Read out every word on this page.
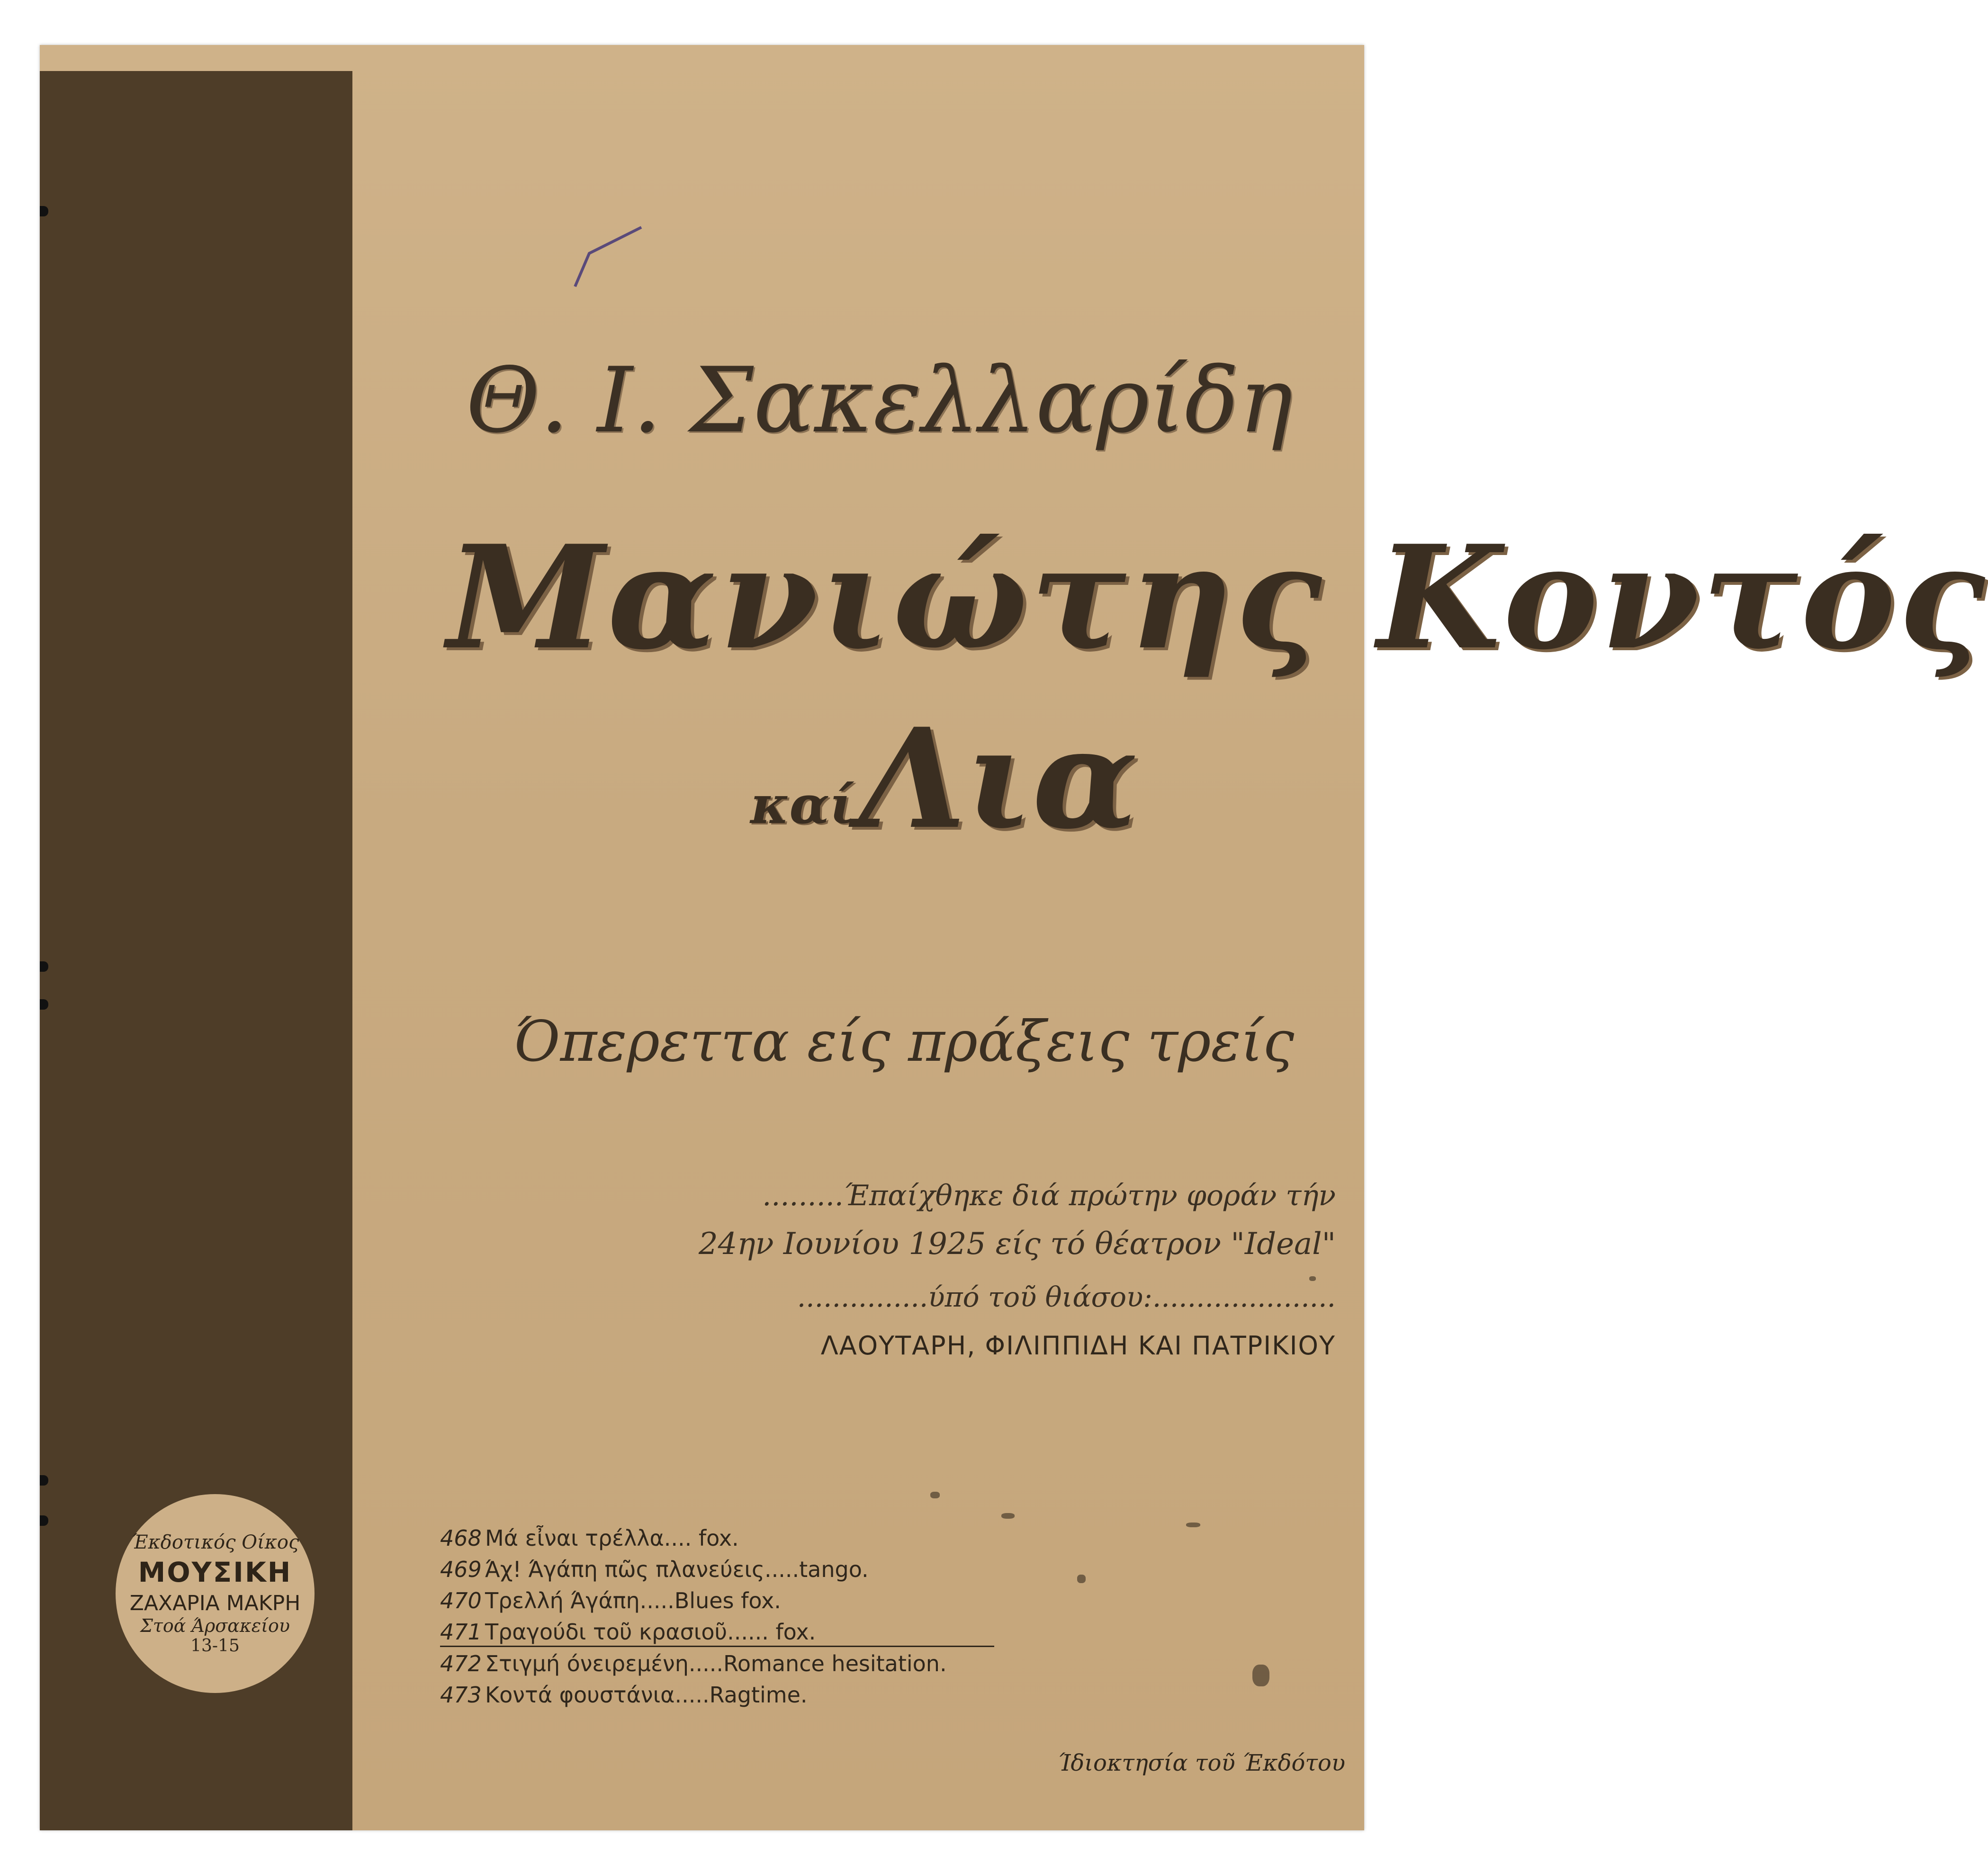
Έκδοτικός Οίκος
ΜΟΥΣΙΚΗ
ΖΑΧΑΡΙΑ ΜΑΚΡΗ
Στοά Άρσακείου
13-15
Θ. Ι. Σακελλαρίδη
Μανιώτης Κοντός
καί Λια
Όπερεττα είς πράξεις τρείς
.........Έπαίχθηκε διά πρώτην φοράν τήν
24ην Ιουνίου 1925 είς τό θέατρον "Ideal"
...............ύπό τοῦ θιάσου:.....................
ΛΑΟΥΤΑΡΗ, ΦΙΛΙΠΠΙΔΗ ΚΑΙ ΠΑΤΡΙΚΙΟΥ
468 Μά εἶναι τρέλλα.... fox.
469 Άχ! Άγάπη πῶς πλανεύεις.....tango.
470 Τρελλή Άγάπη.....Blues fox.
471 Τραγούδι τοῦ κρασιοῦ...... fox.
472 Στιγμή όνειρεμένη.....Romance hesitation.
473 Κοντά φουστάνια.....Ragtime.
Ίδιοκτησία τοῦ Έκδότου
